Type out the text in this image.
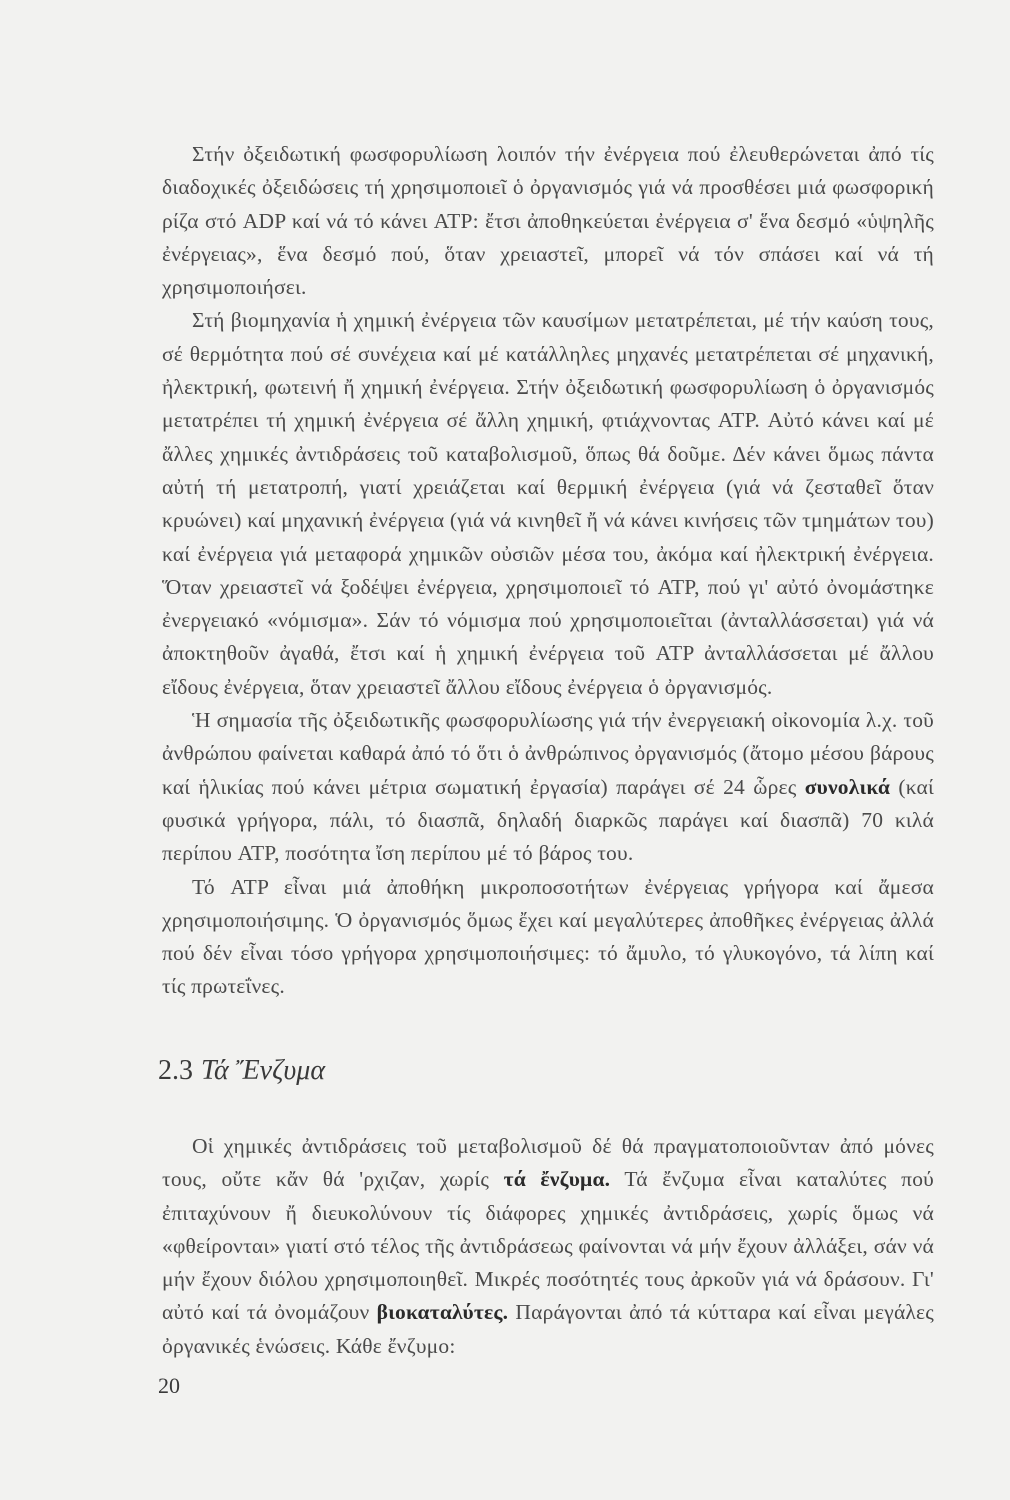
Στήν ὀξειδωτική φωσφορυλίωση λοιπόν τήν ἐνέργεια πού ἐλευθερώνεται ἀπό τίς διαδοχικές ὀξειδώσεις τή χρησιμοποιεῖ ὁ ὀργανισμός γιά νά προσθέσει μιά φωσφορική ρίζα στό ADP καί νά τό κάνει ATP: ἔτσι ἀποθηκεύεται ἐνέργεια σ' ἕνα δεσμό «ὑψηλῆς ἐνέργειας», ἕνα δεσμό πού, ὅταν χρειαστεῖ, μπορεῖ νά τόν σπάσει καί νά τή χρησιμοποιήσει.

Στή βιομηχανία ἡ χημική ἐνέργεια τῶν καυσίμων μετατρέπεται, μέ τήν καύση τους, σέ θερμότητα πού σέ συνέχεια καί μέ κατάλληλες μηχανές μετατρέπεται σέ μηχανική, ἠλεκτρική, φωτεινή ἤ χημική ἐνέργεια. Στήν ὀξειδωτική φωσφορυλίωση ὁ ὀργανισμός μετατρέπει τή χημική ἐνέργεια σέ ἄλλη χημική, φτιάχνοντας ATP. Αὐτό κάνει καί μέ ἄλλες χημικές ἀντιδράσεις τοῦ καταβολισμοῦ, ὅπως θά δοῦμε. Δέν κάνει ὅμως πάντα αὐτή τή μετατροπή, γιατί χρειάζεται καί θερμική ἐνέργεια (γιά νά ζεσταθεῖ ὅταν κρυώνει) καί μηχανική ἐνέργεια (γιά νά κινηθεῖ ἤ νά κάνει κινήσεις τῶν τμημάτων του) καί ἐνέργεια γιά μεταφορά χημικῶν οὐσιῶν μέσα του, ἀκόμα καί ἠλεκτρική ἐνέργεια. Ὅταν χρειαστεῖ νά ξοδέψει ἐνέργεια, χρησιμοποιεῖ τό ATP, πού γι' αὐτό ὀνομάστηκε ἐνεργειακό «νόμισμα». Σάν τό νόμισμα πού χρησιμοποιεῖται (ἀνταλλάσσεται) γιά νά ἀποκτηθοῦν ἀγαθά, ἔτσι καί ἡ χημική ἐνέργεια τοῦ ATP ἀνταλλάσσεται μέ ἄλλου εἴδους ἐνέργεια, ὅταν χρειαστεῖ ἄλλου εἴδους ἐνέργεια ὁ ὀργανισμός.

Ἡ σημασία τῆς ὀξειδωτικῆς φωσφορυλίωσης γιά τήν ἐνεργειακή οἰκονομία λ.χ. τοῦ ἀνθρώπου φαίνεται καθαρά ἀπό τό ὅτι ὁ ἀνθρώπινος ὀργανισμός (ἄτομο μέσου βάρους καί ἡλικίας πού κάνει μέτρια σωματική ἐργασία) παράγει σέ 24 ὧρες συνολικά (καί φυσικά γρήγορα, πάλι, τό διασπᾶ, δηλαδή διαρκῶς παράγει καί διασπᾶ) 70 κιλά περίπου ATP, ποσότητα ἴση περίπου μέ τό βάρος του.

Τό ATP εἶναι μιά ἀποθήκη μικροποσοτήτων ἐνέργειας γρήγορα καί ἄμεσα χρησιμοποιήσιμης. Ὁ ὀργανισμός ὅμως ἔχει καί μεγαλύτερες ἀποθῆκες ἐνέργειας ἀλλά πού δέν εἶναι τόσο γρήγορα χρησιμοποιήσιμες: τό ἄμυλο, τό γλυκογόνο, τά λίπη καί τίς πρωτεΐνες.

2.3 Τά Ἔνζυμα

Οἱ χημικές ἀντιδράσεις τοῦ μεταβολισμοῦ δέ θά πραγματοποιοῦνταν ἀπό μόνες τους, οὔτε κἄν θά 'ρχιζαν, χωρίς τά ἔνζυμα. Τά ἔνζυμα εἶναι καταλύτες πού ἐπιταχύνουν ἤ διευκολύνουν τίς διάφορες χημικές ἀντιδράσεις, χωρίς ὅμως νά «φθείρονται» γιατί στό τέλος τῆς ἀντιδράσεως φαίνονται νά μήν ἔχουν ἀλλάξει, σάν νά μήν ἔχουν διόλου χρησιμοποιηθεῖ. Μικρές ποσότητές τους ἀρκοῦν γιά νά δράσουν. Γι' αὐτό καί τά ὀνομάζουν βιοκαταλύτες. Παράγονται ἀπό τά κύτταρα καί εἶναι μεγάλες ὀργανικές ἑνώσεις. Κάθε ἔνζυμο:

20
